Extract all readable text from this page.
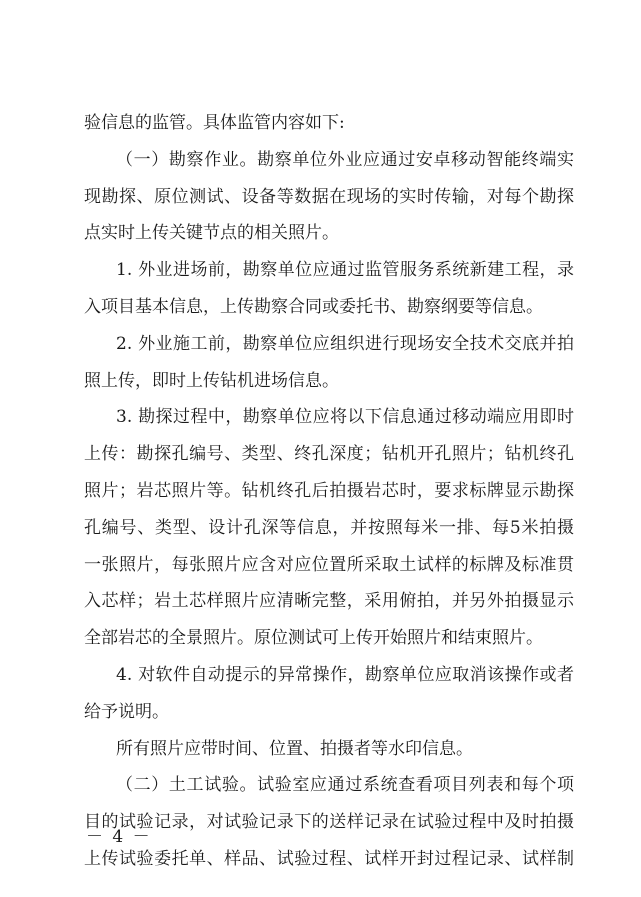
验信息的监管。具体监管内容如下:
（一）勘察作业。勘察单位外业应通过安卓移动智能终端实
现勘探、原位测试、设备等数据在现场的实时传输，对每个勘探
点实时上传关键节点的相关照片。
1. 外业进场前，勘察单位应通过监管服务系统新建工程，录
入项目基本信息，上传勘察合同或委托书、勘察纲要等信息。
2. 外业施工前，勘察单位应组织进行现场安全技术交底并拍
照上传，即时上传钻机进场信息。
3. 勘探过程中，勘察单位应将以下信息通过移动端应用即时
上传：勘探孔编号、类型、终孔深度；钻机开孔照片；钻机终孔
照片；岩芯照片等。钻机终孔后拍摄岩芯时，要求标牌显示勘探
孔编号、类型、设计孔深等信息，并按照每米一排、每5米拍摄
一张照片，每张照片应含对应位置所采取土试样的标牌及标准贯
入芯样；岩土芯样照片应清晰完整，采用俯拍，并另外拍摄显示
全部岩芯的全景照片。原位测试可上传开始照片和结束照片。
4. 对软件自动提示的异常操作，勘察单位应取消该操作或者
给予说明。
所有照片应带时间、位置、拍摄者等水印信息。
（二）土工试验。试验室应通过系统查看项目列表和每个项
目的试验记录，对试验记录下的送样记录在试验过程中及时拍摄
上传试验委托单、样品、试验过程、试样开封过程记录、试样制
－ 4 －
